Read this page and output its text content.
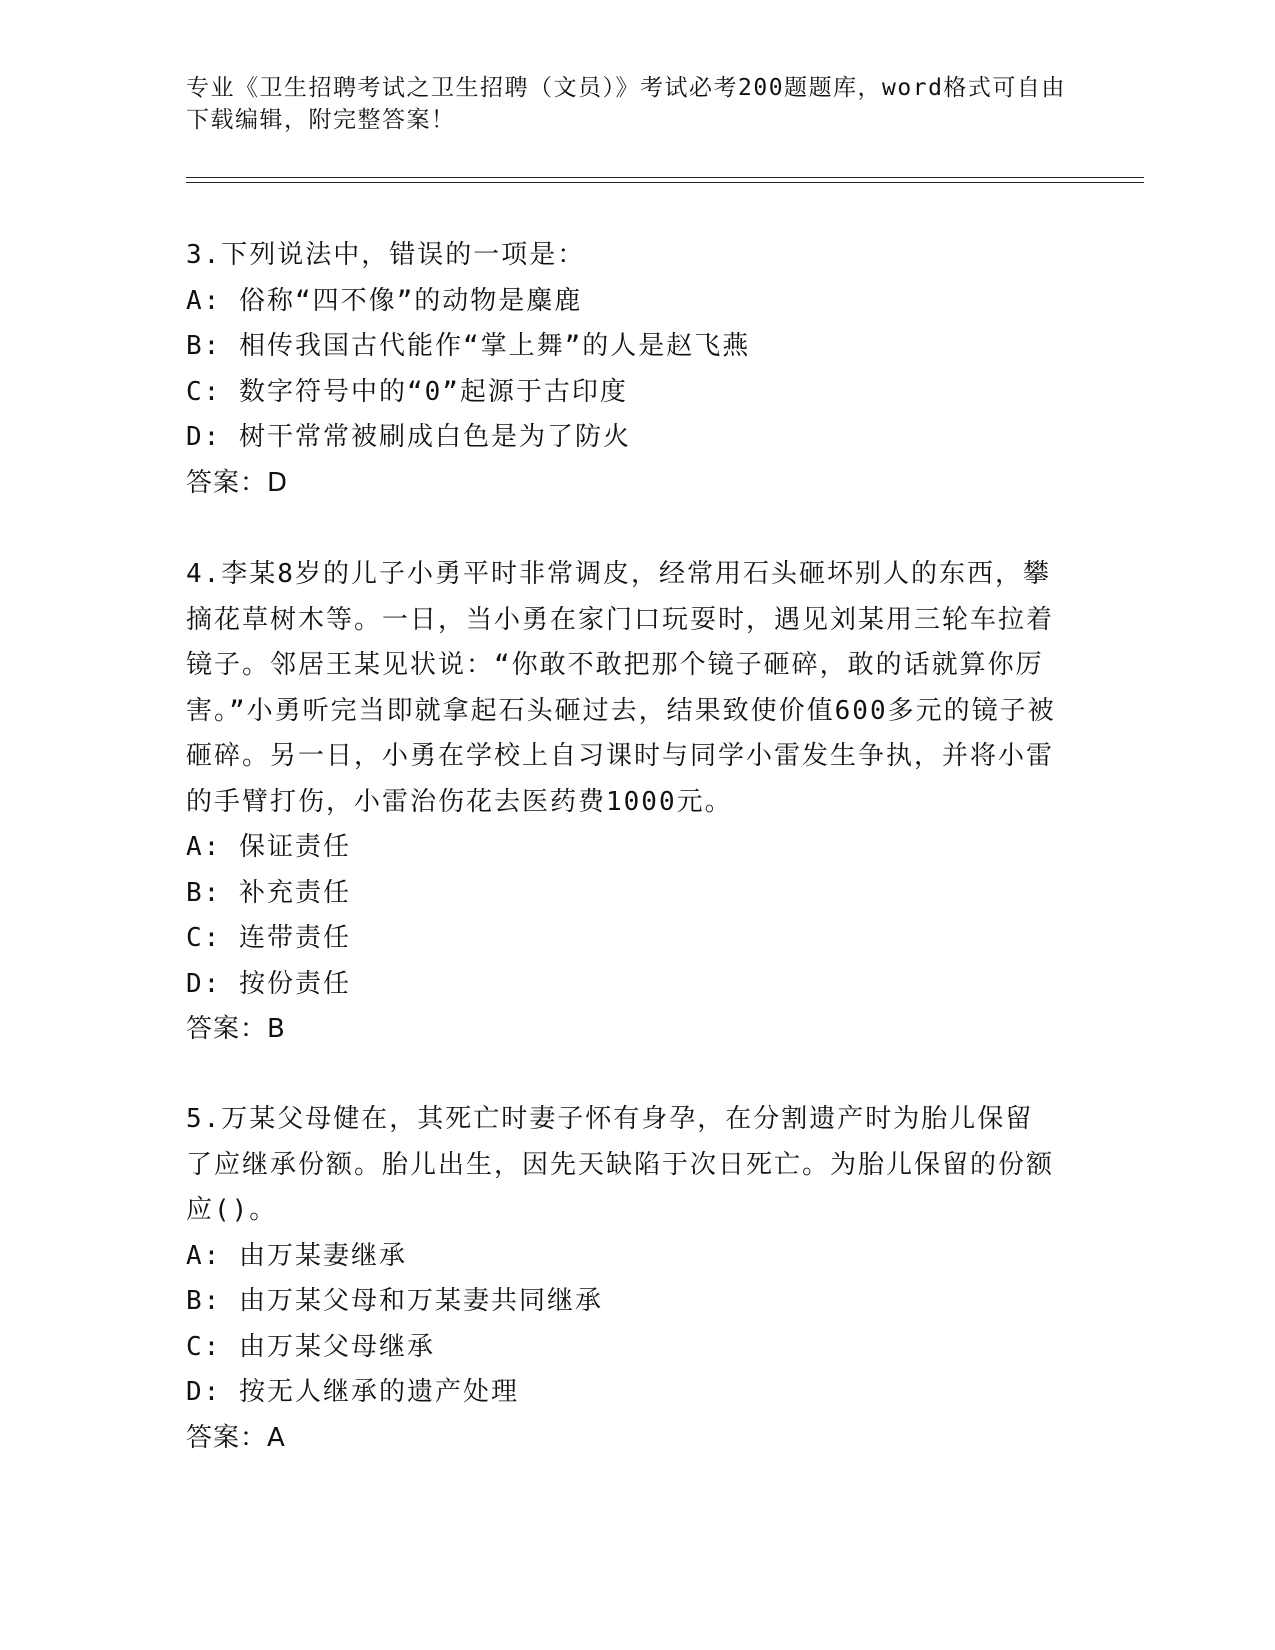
专业《卫生招聘考试之卫生招聘（文员）》考试必考200题题库，word格式可自由下载编辑，附完整答案！

3.下列说法中，错误的一项是：

A: 俗称“四不像”的动物是麋鹿

B: 相传我国古代能作“掌上舞”的人是赵飞燕

C: 数字符号中的“0”起源于古印度

D: 树干常常被刷成白色是为了防火

答案：D

4.李某8岁的儿子小勇平时非常调皮，经常用石头砸坏别人的东西，攀摘花草树木等。一日，当小勇在家门口玩耍时，遇见刘某用三轮车拉着镜子。邻居王某见状说：“你敢不敢把那个镜子砸碎，敢的话就算你厉害。”小勇听完当即就拿起石头砸过去，结果致使价值600多元的镜子被砸碎。另一日，小勇在学校上自习课时与同学小雷发生争执，并将小雷的手臂打伤，小雷治伤花去医药费1000元。

A: 保证责任

B: 补充责任

C: 连带责任

D: 按份责任

答案：B

5.万某父母健在，其死亡时妻子怀有身孕，在分割遗产时为胎儿保留了应继承份额。胎儿出生，因先天缺陷于次日死亡。为胎儿保留的份额应()。

A: 由万某妻继承

B: 由万某父母和万某妻共同继承

C: 由万某父母继承

D: 按无人继承的遗产处理

答案：A
